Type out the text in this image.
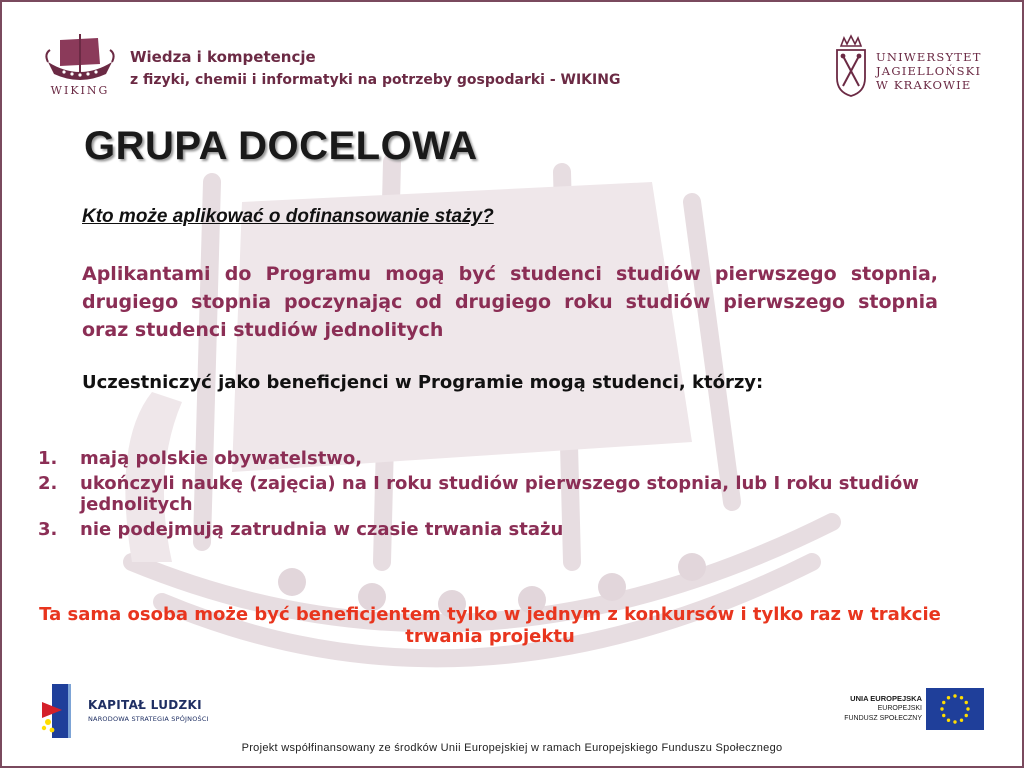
WIKING
Wiedza i kompetencje
z fizyki, chemii i informatyki na potrzeby gospodarki - WIKING
UNIWERSYTET
JAGIELLOŃSKI
W KRAKOWIE
GRUPA DOCELOWA
Kto może aplikować o dofinansowanie staży?

Aplikantami do Programu mogą być studenci studiów pierwszego stopnia, drugiego stopnia poczynając od drugiego roku studiów pierwszego stopnia oraz studenci studiów jednolitych

Uczestniczyć jako beneficjenci w Programie mogą studenci, którzy:

1. mają polskie obywatelstwo,
2. ukończyli naukę (zajęcia) na I roku studiów pierwszego stopnia, lub I roku studiów jednolitych
3. nie podejmują zatrudnia w czasie trwania stażu

Ta sama osoba może być beneficjentem tylko w jednym z konkursów i tylko raz w trakcie trwania projektu

KAPITAŁ LUDZKI
NARODOWA STRATEGIA SPÓJNOŚCI
UNIA EUROPEJSKA
EUROPEJSKI
FUNDUSZ SPOŁECZNY
Projekt współfinansowany ze środków Unii Europejskiej w ramach Europejskiego Funduszu Społecznego
